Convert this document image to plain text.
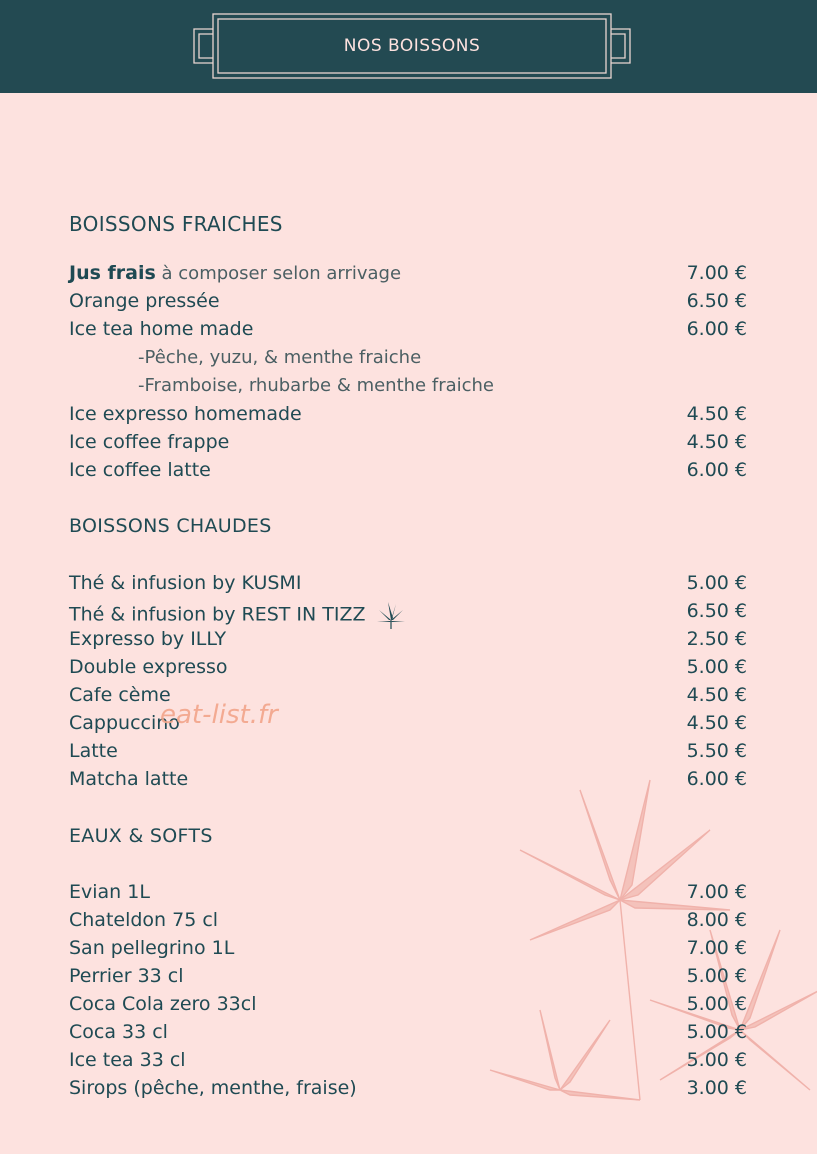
NOS BOISSONS
BOISSONS FRAICHES
Jus frais à composer selon arrivage	7.00 €
Orange pressée	6.50 €
Ice tea home made	6.00 €
-Pêche, yuzu, & menthe fraiche
-Framboise, rhubarbe & menthe fraiche
Ice expresso homemade	4.50 €
Ice coffee frappe	4.50 €
Ice coffee latte	6.00 €
BOISSONS CHAUDES
Thé & infusion by KUSMI	5.00 €
Thé & infusion by REST IN TIZZ	6.50 €
Expresso by ILLY	2.50 €
Double expresso	5.00 €
Cafe cème	4.50 €
Cappuccino	4.50 €
Latte	5.50 €
Matcha latte	6.00 €
eat-list.fr
EAUX & SOFTS
Evian 1L	7.00 €
Chateldon 75 cl	8.00 €
San pellegrino 1L	7.00 €
Perrier 33 cl	5.00 €
Coca Cola zero 33cl	5.00 €
Coca 33 cl	5.00 €
Ice tea 33 cl	5.00 €
Sirops (pêche, menthe, fraise)	3.00 €
